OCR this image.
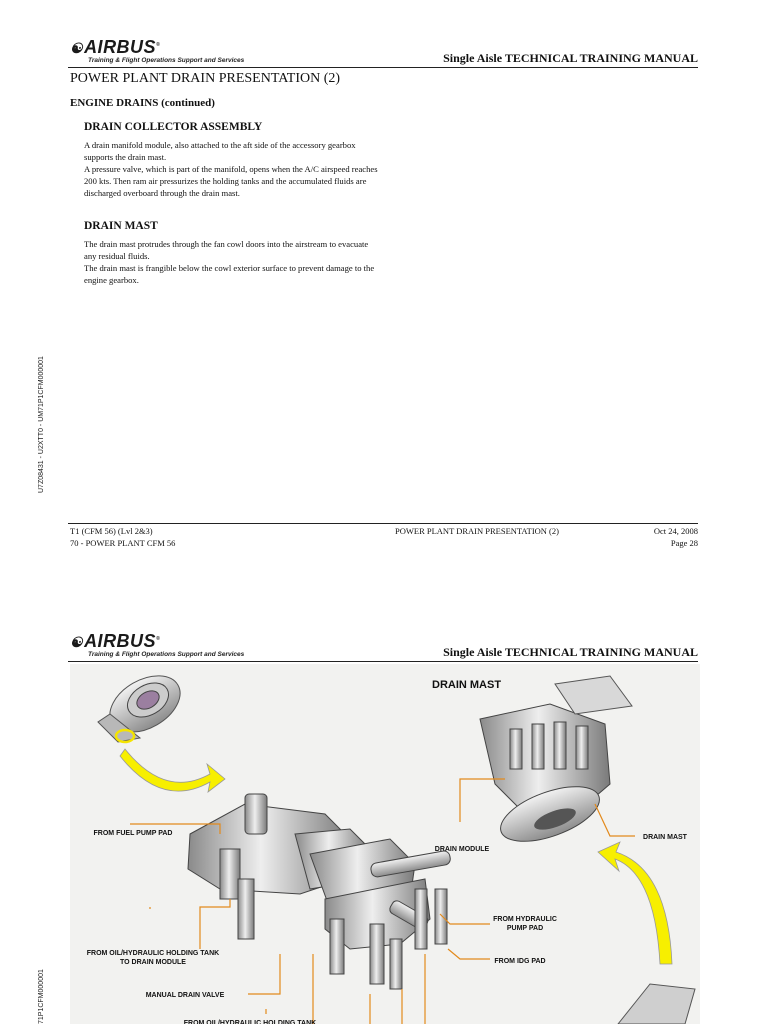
☯AIRBUS®
Training & Flight Operations Support and Services	Single Aisle TECHNICAL TRAINING MANUAL
POWER PLANT DRAIN PRESENTATION (2)
ENGINE DRAINS (continued)
DRAIN COLLECTOR ASSEMBLY

A drain manifold module, also attached to the aft side of the accessory gearbox supports the drain mast.

A pressure valve, which is part of the manifold, opens when the A/C airspeed reaches 200 kts. Then ram air pressurizes the holding tanks and the accumulated fluids are discharged overboard through the drain mast.

DRAIN MAST

The drain mast protrudes through the fan cowl doors into the airstream to evacuate any residual fluids.

The drain mast is frangible below the cowl exterior surface to prevent damage to the engine gearbox.

U7Z08431 - U2XTT0 - UM71P1CFM000001
T1 (CFM 56) (Lvl 2&3)
70 - POWER PLANT CFM 56
POWER PLANT DRAIN PRESENTATION (2)	Oct 24, 2008
Page 28
☯AIRBUS®
Training & Flight Operations Support and Services	Single Aisle TECHNICAL TRAINING MANUAL
71P1CFM000001
DRAIN MAST
FROM FUEL PUMP PAD
FROM OIL/HYDRAULIC HOLDING TANK
TO DRAIN MODULE
MANUAL DRAIN VALVE
DRAIN MODULE
DRAIN MAST
FROM HYDRAULIC
PUMP PAD
FROM IDG PAD
FROM OIL/HYDRAULIC HOLDING TANK
